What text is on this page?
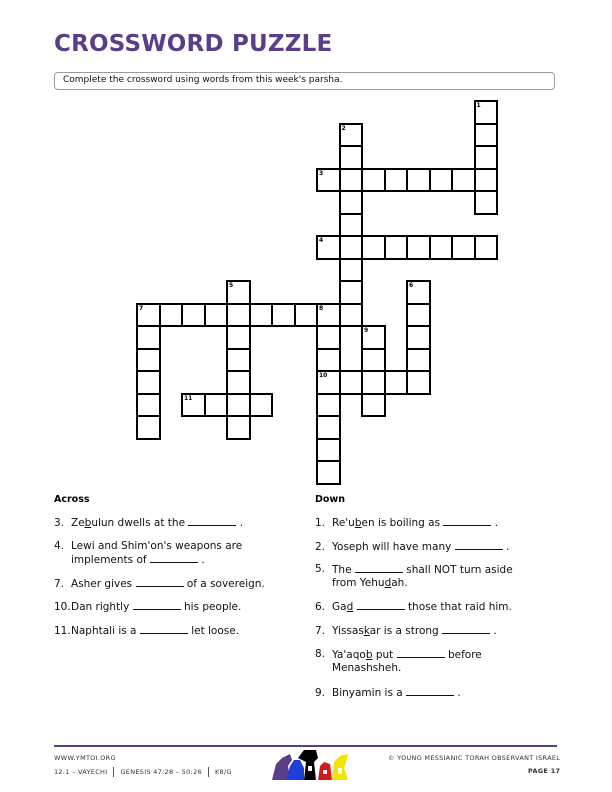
CROSSWORD PUZZLE
Complete the crossword using words from this week's parsha.
1
2
3
4
5	6
7	8
10
9
11
Across
3. Zebulun dwells at the	.
4. Lewi and Shim'on's weapons are
implements of	.
7. Asher gives	of a sovereign.
10.Dan rightly	his people.
11.Naphtali is a	let loose.
Down
1. Re'uben is boiling as	.
2. Yoseph will have many	.
5. The	shall NOT turn aside
from Yehudah.
6. Gad	those that raid him.
7. Yissaskar is a strong	.
8. Ya'aqob put	before
Menashsheh.
9. Binyamin is a	.
WWW.YMTOI.ORG
12.1 – VAYECHI GENESIS 47:28 – 50:26 K8/G
© YOUNG MESSIANIC TORAH OBSERVANT ISRAEL
PAGE 17
